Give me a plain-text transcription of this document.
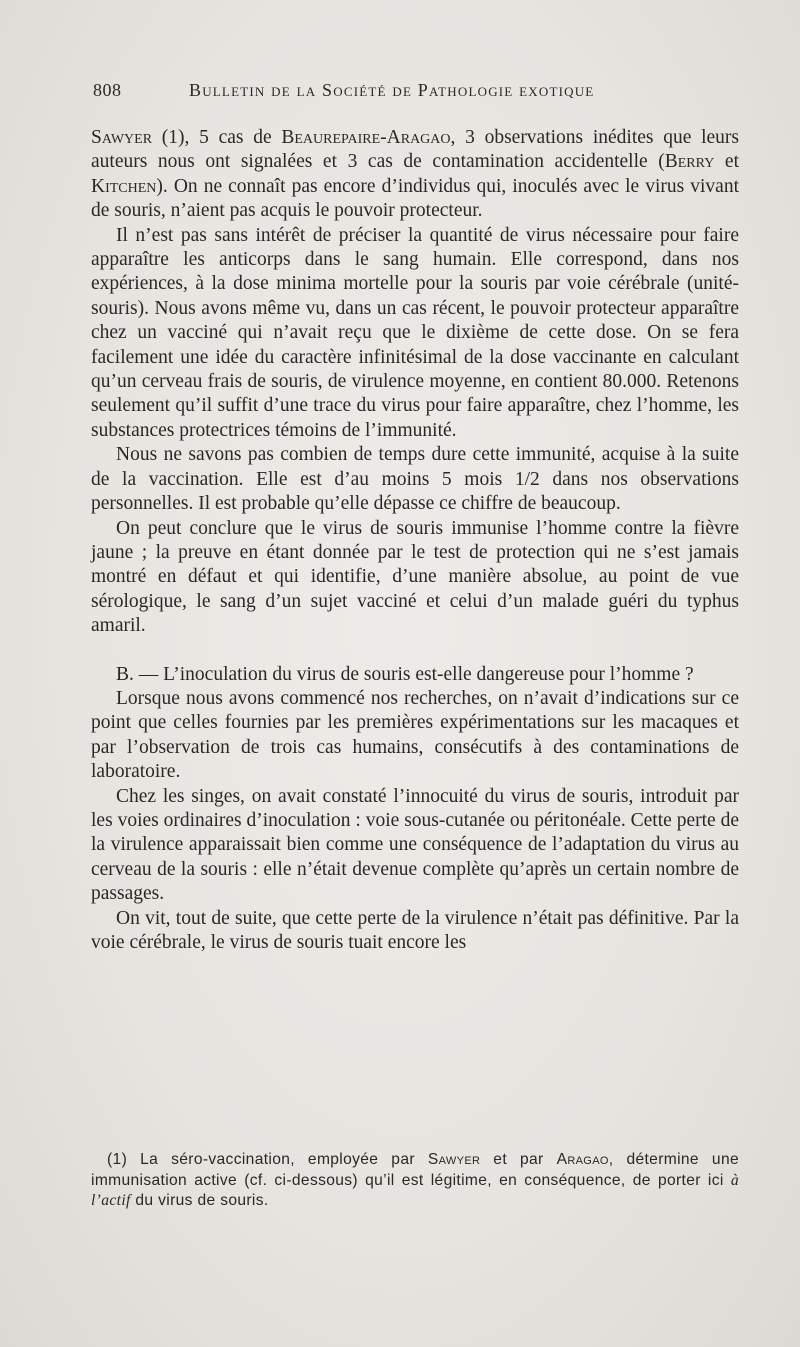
808	Bulletin de la Société de Pathologie exotique

Sawyer (1), 5 cas de Beaurepaire-Aragao, 3 observations inédites que leurs auteurs nous ont signalées et 3 cas de contamination accidentelle (Berry et Kitchen). On ne connaît pas encore d’individus qui, inoculés avec le virus vivant de souris, n’aient pas acquis le pouvoir protecteur.

Il n’est pas sans intérêt de préciser la quantité de virus nécessaire pour faire apparaître les anticorps dans le sang humain. Elle correspond, dans nos expériences, à la dose minima mortelle pour la souris par voie cérébrale (unité-souris). Nous avons même vu, dans un cas récent, le pouvoir protecteur apparaître chez un vacciné qui n’avait reçu que le dixième de cette dose. On se fera facilement une idée du caractère infinitésimal de la dose vaccinante en calculant qu’un cerveau frais de souris, de virulence moyenne, en contient 80.000. Retenons seulement qu’il suffit d’une trace du virus pour faire apparaître, chez l’homme, les substances protectrices témoins de l’immunité.

Nous ne savons pas combien de temps dure cette immunité, acquise à la suite de la vaccination. Elle est d’au moins 5 mois 1/2 dans nos observations personnelles. Il est probable qu’elle dépasse ce chiffre de beaucoup.

On peut conclure que le virus de souris immunise l’homme contre la fièvre jaune ; la preuve en étant donnée par le test de protection qui ne s’est jamais montré en défaut et qui identifie, d’une manière absolue, au point de vue sérologique, le sang d’un sujet vacciné et celui d’un malade guéri du typhus amaril.

B. — L’inoculation du virus de souris est-elle dangereuse pour l’homme ?

Lorsque nous avons commencé nos recherches, on n’avait d’indications sur ce point que celles fournies par les premières expérimentations sur les macaques et par l’observation de trois cas humains, consécutifs à des contaminations de laboratoire.

Chez les singes, on avait constaté l’innocuité du virus de souris, introduit par les voies ordinaires d’inoculation : voie sous-cutanée ou péritonéale. Cette perte de la virulence apparaissait bien comme une conséquence de l’adaptation du virus au cerveau de la souris : elle n’était devenue complète qu’après un certain nombre de passages.

On vit, tout de suite, que cette perte de la virulence n’était pas définitive. Par la voie cérébrale, le virus de souris tuait encore les

(1) La séro-vaccination, employée par Sawyer et par Aragao, détermine une immunisation active (cf. ci-dessous) qu’il est légitime, en conséquence, de porter ici à l’actif du virus de souris.
